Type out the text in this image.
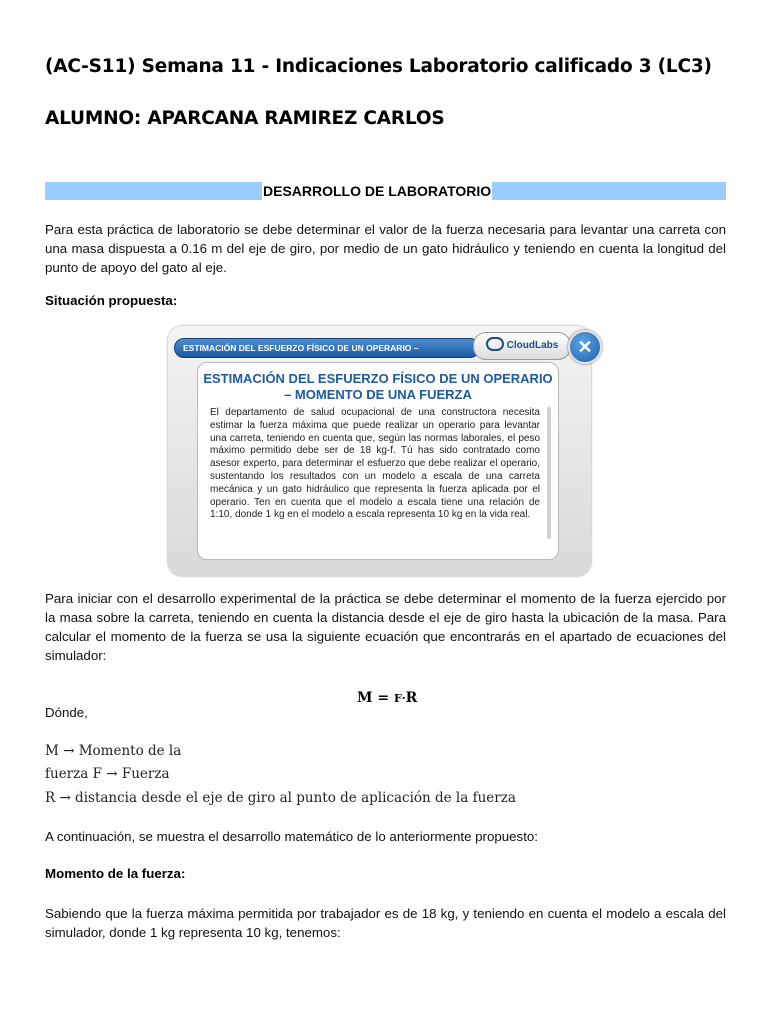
(AC-S11) Semana 11 - Indicaciones Laboratorio calificado 3 (LC3)
ALUMNO: APARCANA RAMIREZ CARLOS
DESARROLLO DE LABORATORIO
Para esta práctica de laboratorio se debe determinar el valor de la fuerza necesaria para levantar una carreta con una masa dispuesta a 0.16 m del eje de giro, por medio de un gato hidráulico y teniendo en cuenta la longitud del punto de apoyo del gato al eje.
Situación propuesta:
ESTIMACIÓN DEL ESFUERZO FÍSICO DE UN OPERARIO –	CloudLabs	✕
ESTIMACIÓN DEL ESFUERZO FÍSICO DE UN OPERARIO – MOMENTO DE UNA FUERZA
El departamento de salud ocupacional de una constructora necesita estimar la fuerza máxima que puede realizar un operario para levantar una carreta, teniendo en cuenta que, según las normas laborales, el peso máximo permitido debe ser de 18 kg-f. Tú has sido contratado como asesor experto, para determinar el esfuerzo que debe realizar el operario, sustentando los resultados con un modelo a escala de una carreta mecánica y un gato hidráulico que representa la fuerza aplicada por el operario. Ten en cuenta que el modelo a escala tiene una relación de 1:10, donde 1 kg en el modelo a escala representa 10 kg en la vida real.
Para iniciar con el desarrollo experimental de la práctica se debe determinar el momento de la fuerza ejercido por la masa sobre la carreta, teniendo en cuenta la distancia desde el eje de giro hasta la ubicación de la masa. Para calcular el momento de la fuerza se usa la siguiente ecuación que encontrarás en el apartado de ecuaciones del simulador:
M = F·R
Dónde,
M → Momento de la
fuerza F → Fuerza
R → distancia desde el eje de giro al punto de aplicación de la fuerza
A continuación, se muestra el desarrollo matemático de lo anteriormente propuesto:
Momento de la fuerza:
Sabiendo que la fuerza máxima permitida por trabajador es de 18 kg, y teniendo en cuenta el modelo a escala del simulador, donde 1 kg representa 10 kg, tenemos:
